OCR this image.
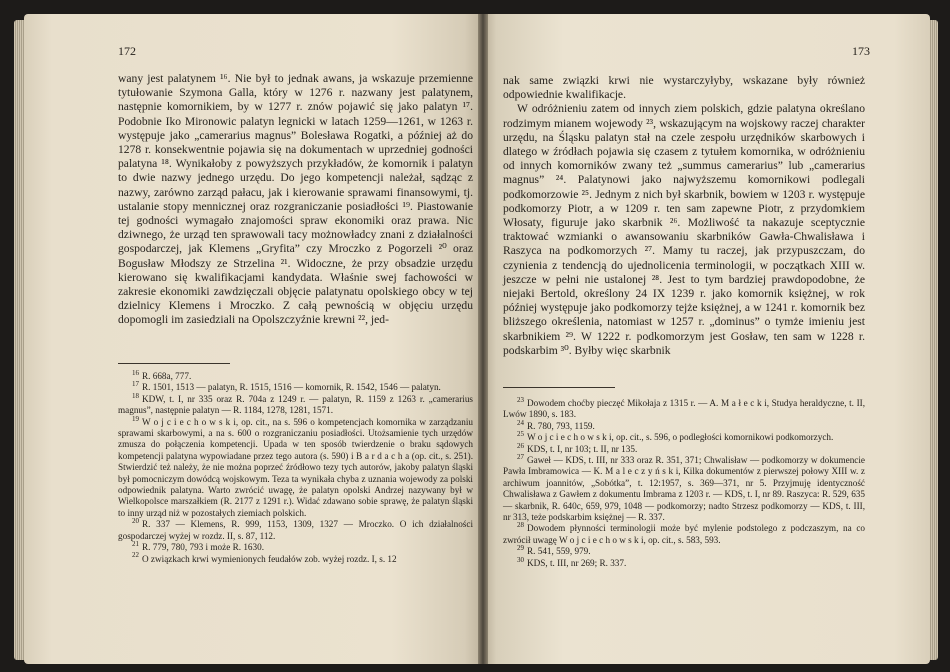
172

wany jest palatynem ¹⁶. Nie był to jednak awans, ja wskazuje przemienne tytułowanie Szymona Galla, który w 1276 r. nazwany jest palatynem, następnie komornikiem, by w 1277 r. znów pojawić się jako palatyn ¹⁷. Podobnie Iko Mironowic palatyn legnicki w latach 1259—1261, w 1263 r. występuje jako „camerarius magnus” Bolesława Rogatki, a później aż do 1278 r. konsekwentnie pojawia się na dokumentach w uprzedniej godności palatyna ¹⁸. Wynikałoby z powyższych przykładów, że komornik i palatyn to dwie nazwy jednego urzędu. Do jego kompetencji należał, sądząc z nazwy, zarówno zarząd pałacu, jak i kierowanie sprawami finansowymi, tj. ustalanie stopy mennicznej oraz rozgraniczanie posiadłości ¹⁹. Piastowanie tej godności wymagało znajomości spraw ekonomiki oraz prawa. Nic dziwnego, że urząd ten sprawowali tacy możnowładcy znani z działalności gospodarczej, jak Klemens „Gryfita” czy Mroczko z Pogorzeli ²⁰ oraz Bogusław Młodszy ze Strzelina ²¹. Widoczne, że przy obsadzie urzędu kierowano się kwalifikacjami kandydata. Właśnie swej fachowości w zakresie ekonomiki zawdzięczali objęcie palatynatu opolskiego obcy w tej dzielnicy Klemens i Mroczko. Z całą pewnością w objęciu urzędu dopomogli im zasiedziali na Opolszczyźnie krewni ²², jed-

$^{16}$ R. 668a, 777.

$^{17}$ R. 1501, 1513 — palatyn, R. 1515, 1516 — komornik, R. 1542, 1546 — palatyn.

$^{18}$ KDW, t. I, nr 335 oraz R. 704a z 1249 r. — palatyn, R. 1159 z 1263 r. „camerarius magnus”, następnie palatyn — R. 1184, 1278, 1281, 1571.

$^{19}$ W o j c i e c h o w s k i, op. cit., na s. 596 o kompetencjach komornika w zarządzaniu sprawami skarbowymi, a na s. 600 o rozgraniczaniu posiadłości. Utożsamienie tych urzędów zmusza do połączenia kompetencji. Upada w ten sposób twierdzenie o braku sądowych kompetencji palatyna wypowiadane przez tego autora (s. 590) i B a r d a c h a (op. cit., s. 251). Stwierdzić też należy, że nie można poprzeć źródłowo tezy tych autorów, jakoby palatyn śląski był pomocniczym dowódcą wojskowym. Teza ta wynikała chyba z uznania wojewody za polski odpowiednik palatyna. Warto zwrócić uwagę, że palatyn opolski Andrzej nazywany był w Wielkopolsce marszałkiem (R. 2177 z 1291 r.). Widać zdawano sobie sprawę, że palatyn śląski to inny urząd niż w pozostałych ziemiach polskich.

$^{20}$ R. 337 — Klemens, R. 999, 1153, 1309, 1327 — Mroczko. O ich działalności gospodarczej wyżej w rozdz. II, s. 87, 112.

$^{21}$ R. 779, 780, 793 i może R. 1630.

$^{22}$ O związkach krwi wymienionych feudałów zob. wyżej rozdz. I, s. 12

173

nak same związki krwi nie wystarczyłyby, wskazane były również odpowiednie kwalifikacje.

W odróżnieniu zatem od innych ziem polskich, gdzie palatyna określano rodzimym mianem wojewody ²³, wskazującym na wojskowy raczej charakter urzędu, na Śląsku palatyn stał na czele zespołu urzędników skarbowych i dlatego w źródłach pojawia się czasem z tytułem komornika, w odróżnieniu od innych komorników zwany też „summus camerarius” lub „camerarius magnus” ²⁴. Palatynowi jako najwyższemu komornikowi podlegali podkomorzowie ²⁵. Jednym z nich był skarbnik, bowiem w 1203 r. występuje podkomorzy Piotr, a w 1209 r. ten sam zapewne Piotr, z przydomkiem Włosaty, figuruje jako skarbnik ²⁶. Możliwość ta nakazuje sceptycznie traktować wzmianki o awansowaniu skarbników Gawła-Chwalisława i Raszyca na podkomorzych ²⁷. Mamy tu raczej, jak przypuszczam, do czynienia z tendencją do ujednolicenia terminologii, w początkach XIII w. jeszcze w pełni nie ustalonej ²⁸. Jest to tym bardziej prawdopodobne, że niejaki Bertold, określony 24 IX 1239 r. jako komornik księżnej, w rok później występuje jako podkomorzy tejże księżnej, a w 1241 r. komornik bez bliższego określenia, natomiast w 1257 r. „dominus” o tymże imieniu jest skarbnikiem ²⁹. W 1222 r. podkomorzym jest Gosław, ten sam w 1228 r. podskarbim ³⁰. Byłby więc skarbnik

$^{23}$ Dowodem choćby pieczęć Mikołaja z 1315 r. — A. M a ł e c k i, Studya heraldyczne, t. II, Lwów 1890, s. 183.

$^{24}$ R. 780, 793, 1159.

$^{25}$ W o j c i e c h o w s k i, op. cit., s. 596, o podległości komornikowi podkomorzych.

$^{26}$ KDS, t. I, nr 103; t. II, nr 135.

$^{27}$ Gaweł — KDS, t. III, nr 333 oraz R. 351, 371; Chwalisław — podkomorzy w dokumencie Pawła Imbramowica — K. M a l e c z y ń s k i, Kilka dokumentów z pierwszej połowy XIII w. z archiwum joannitów, „Sobótka”, t. 12:1957, s. 369—371, nr 5. Przyjmuję identyczność Chwalisława z Gawłem z dokumentu Imbrama z 1203 r. — KDS, t. I, nr 89. Raszyca: R. 529, 635 — skarbnik, R. 640c, 659, 979, 1048 — podkomorzy; nadto Strzesz podkomorzy — KDS, t. III, nr 313, teże podskarbim księżnej — R. 337.

$^{28}$ Dowodem płynności terminologii może być mylenie podstolego z podczaszym, na co zwrócił uwagę W o j c i e c h o w s k i, op. cit., s. 583, 593.

$^{29}$ R. 541, 559, 979.

$^{30}$ KDS, t. III, nr 269; R. 337.
